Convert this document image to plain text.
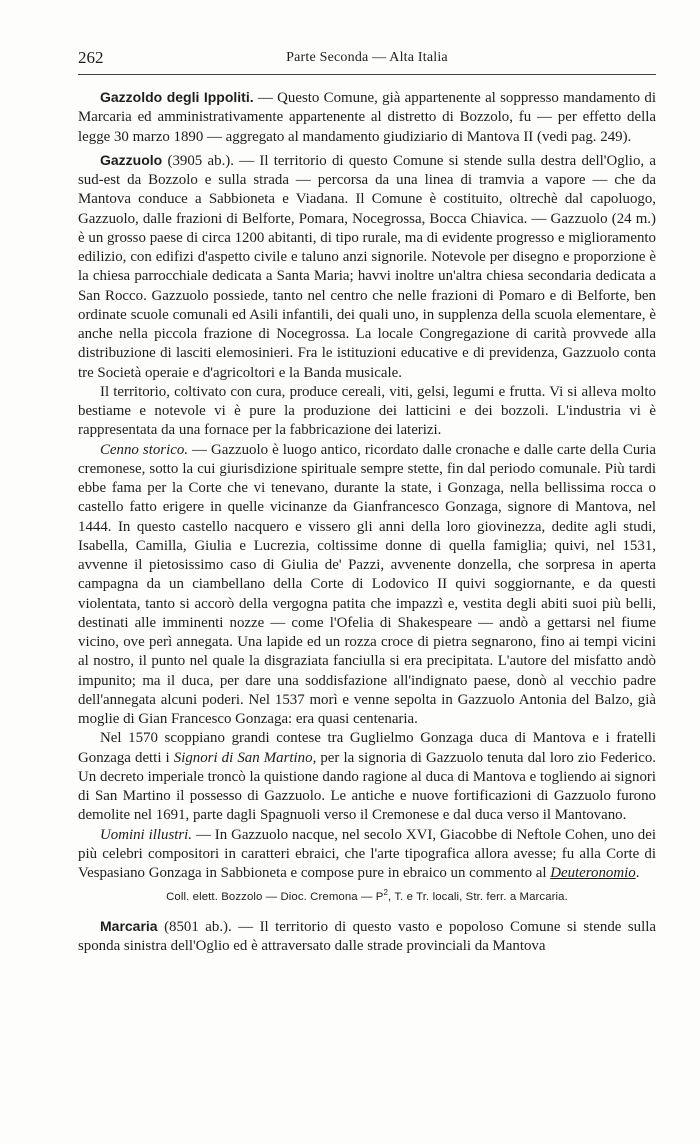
262	Parte Seconda — Alta Italia

Gazzoldo degli Ippoliti. — Questo Comune, già appartenente al soppresso mandamento di Marcaria ed amministrativamente appartenente al distretto di Bozzolo, fu — per effetto della legge 30 marzo 1890 — aggregato al mandamento giudiziario di Mantova II (vedi pag. 249).

Gazzuolo (3905 ab.). — Il territorio di questo Comune si stende sulla destra dell'Oglio, a sud-est da Bozzolo e sulla strada — percorsa da una linea di tramvia a vapore — che da Mantova conduce a Sabbioneta e Viadana. Il Comune è costituito, oltrechè dal capoluogo, Gazzuolo, dalle frazioni di Belforte, Pomara, Nocegrossa, Bocca Chiavica. — Gazzuolo (24 m.) è un grosso paese di circa 1200 abitanti, di tipo rurale, ma di evidente progresso e miglioramento edilizio, con edifizi d'aspetto civile e taluno anzi signorile. Notevole per disegno e proporzione è la chiesa parrocchiale dedicata a Santa Maria; havvi inoltre un'altra chiesa secondaria dedicata a San Rocco. Gazzuolo possiede, tanto nel centro che nelle frazioni di Pomaro e di Belforte, ben ordinate scuole comunali ed Asili infantili, dei quali uno, in supplenza della scuola elementare, è anche nella piccola frazione di Nocegrossa. La locale Congregazione di carità provvede alla distribuzione di lasciti elemosinieri. Fra le istituzioni educative e di previdenza, Gazzuolo conta tre Società operaie e d'agricoltori e la Banda musicale.

Il territorio, coltivato con cura, produce cereali, viti, gelsi, legumi e frutta. Vi si alleva molto bestiame e notevole vi è pure la produzione dei latticini e dei bozzoli. L'industria vi è rappresentata da una fornace per la fabbricazione dei laterizi.

Cenno storico. — Gazzuolo è luogo antico, ricordato dalle cronache e dalle carte della Curia cremonese, sotto la cui giurisdizione spirituale sempre stette, fin dal periodo comunale. Più tardi ebbe fama per la Corte che vi tenevano, durante la state, i Gonzaga, nella bellissima rocca o castello fatto erigere in quelle vicinanze da Gianfrancesco Gonzaga, signore di Mantova, nel 1444. In questo castello nacquero e vissero gli anni della loro giovinezza, dedite agli studi, Isabella, Camilla, Giulia e Lucrezia, coltissime donne di quella famiglia; quivi, nel 1531, avvenne il pietosissimo caso di Giulia de' Pazzi, avvenente donzella, che sorpresa in aperta campagna da un ciambellano della Corte di Lodovico II quivi soggiornante, e da questi violentata, tanto si accorò della vergogna patita che impazzì e, vestita degli abiti suoi più belli, destinati alle imminenti nozze — come l'Ofelia di Shakespeare — andò a gettarsi nel fiume vicino, ove perì annegata. Una lapide ed un rozza croce di pietra segnarono, fino ai tempi vicini al nostro, il punto nel quale la disgraziata fanciulla si era precipitata. L'autore del misfatto andò impunito; ma il duca, per dare una soddisfazione all'indignato paese, donò al vecchio padre dell'annegata alcuni poderi. Nel 1537 morì e venne sepolta in Gazzuolo Antonia del Balzo, già moglie di Gian Francesco Gonzaga: era quasi centenaria.

Nel 1570 scoppiano grandi contese tra Guglielmo Gonzaga duca di Mantova e i fratelli Gonzaga detti i Signori di San Martino, per la signoria di Gazzuolo tenuta dal loro zio Federico. Un decreto imperiale troncò la quistione dando ragione al duca di Mantova e togliendo ai signori di San Martino il possesso di Gazzuolo. Le antiche e nuove fortificazioni di Gazzuolo furono demolite nel 1691, parte dagli Spagnuoli verso il Cremonese e dal duca verso il Mantovano.

Uomini illustri. — In Gazzuolo nacque, nel secolo XVI, Giacobbe di Neftole Cohen, uno dei più celebri compositori in caratteri ebraici, che l'arte tipografica allora avesse; fu alla Corte di Vespasiano Gonzaga in Sabbioneta e compose pure in ebraico un commento al Deuteronomio.

Coll. elett. Bozzolo — Dioc. Cremona — $P^2$, T. e Tr. locali, Str. ferr. a Marcaria.

Marcaria (8501 ab.). — Il territorio di questo vasto e popoloso Comune si stende sulla sponda sinistra dell'Oglio ed è attraversato dalle strade provinciali da Mantova
